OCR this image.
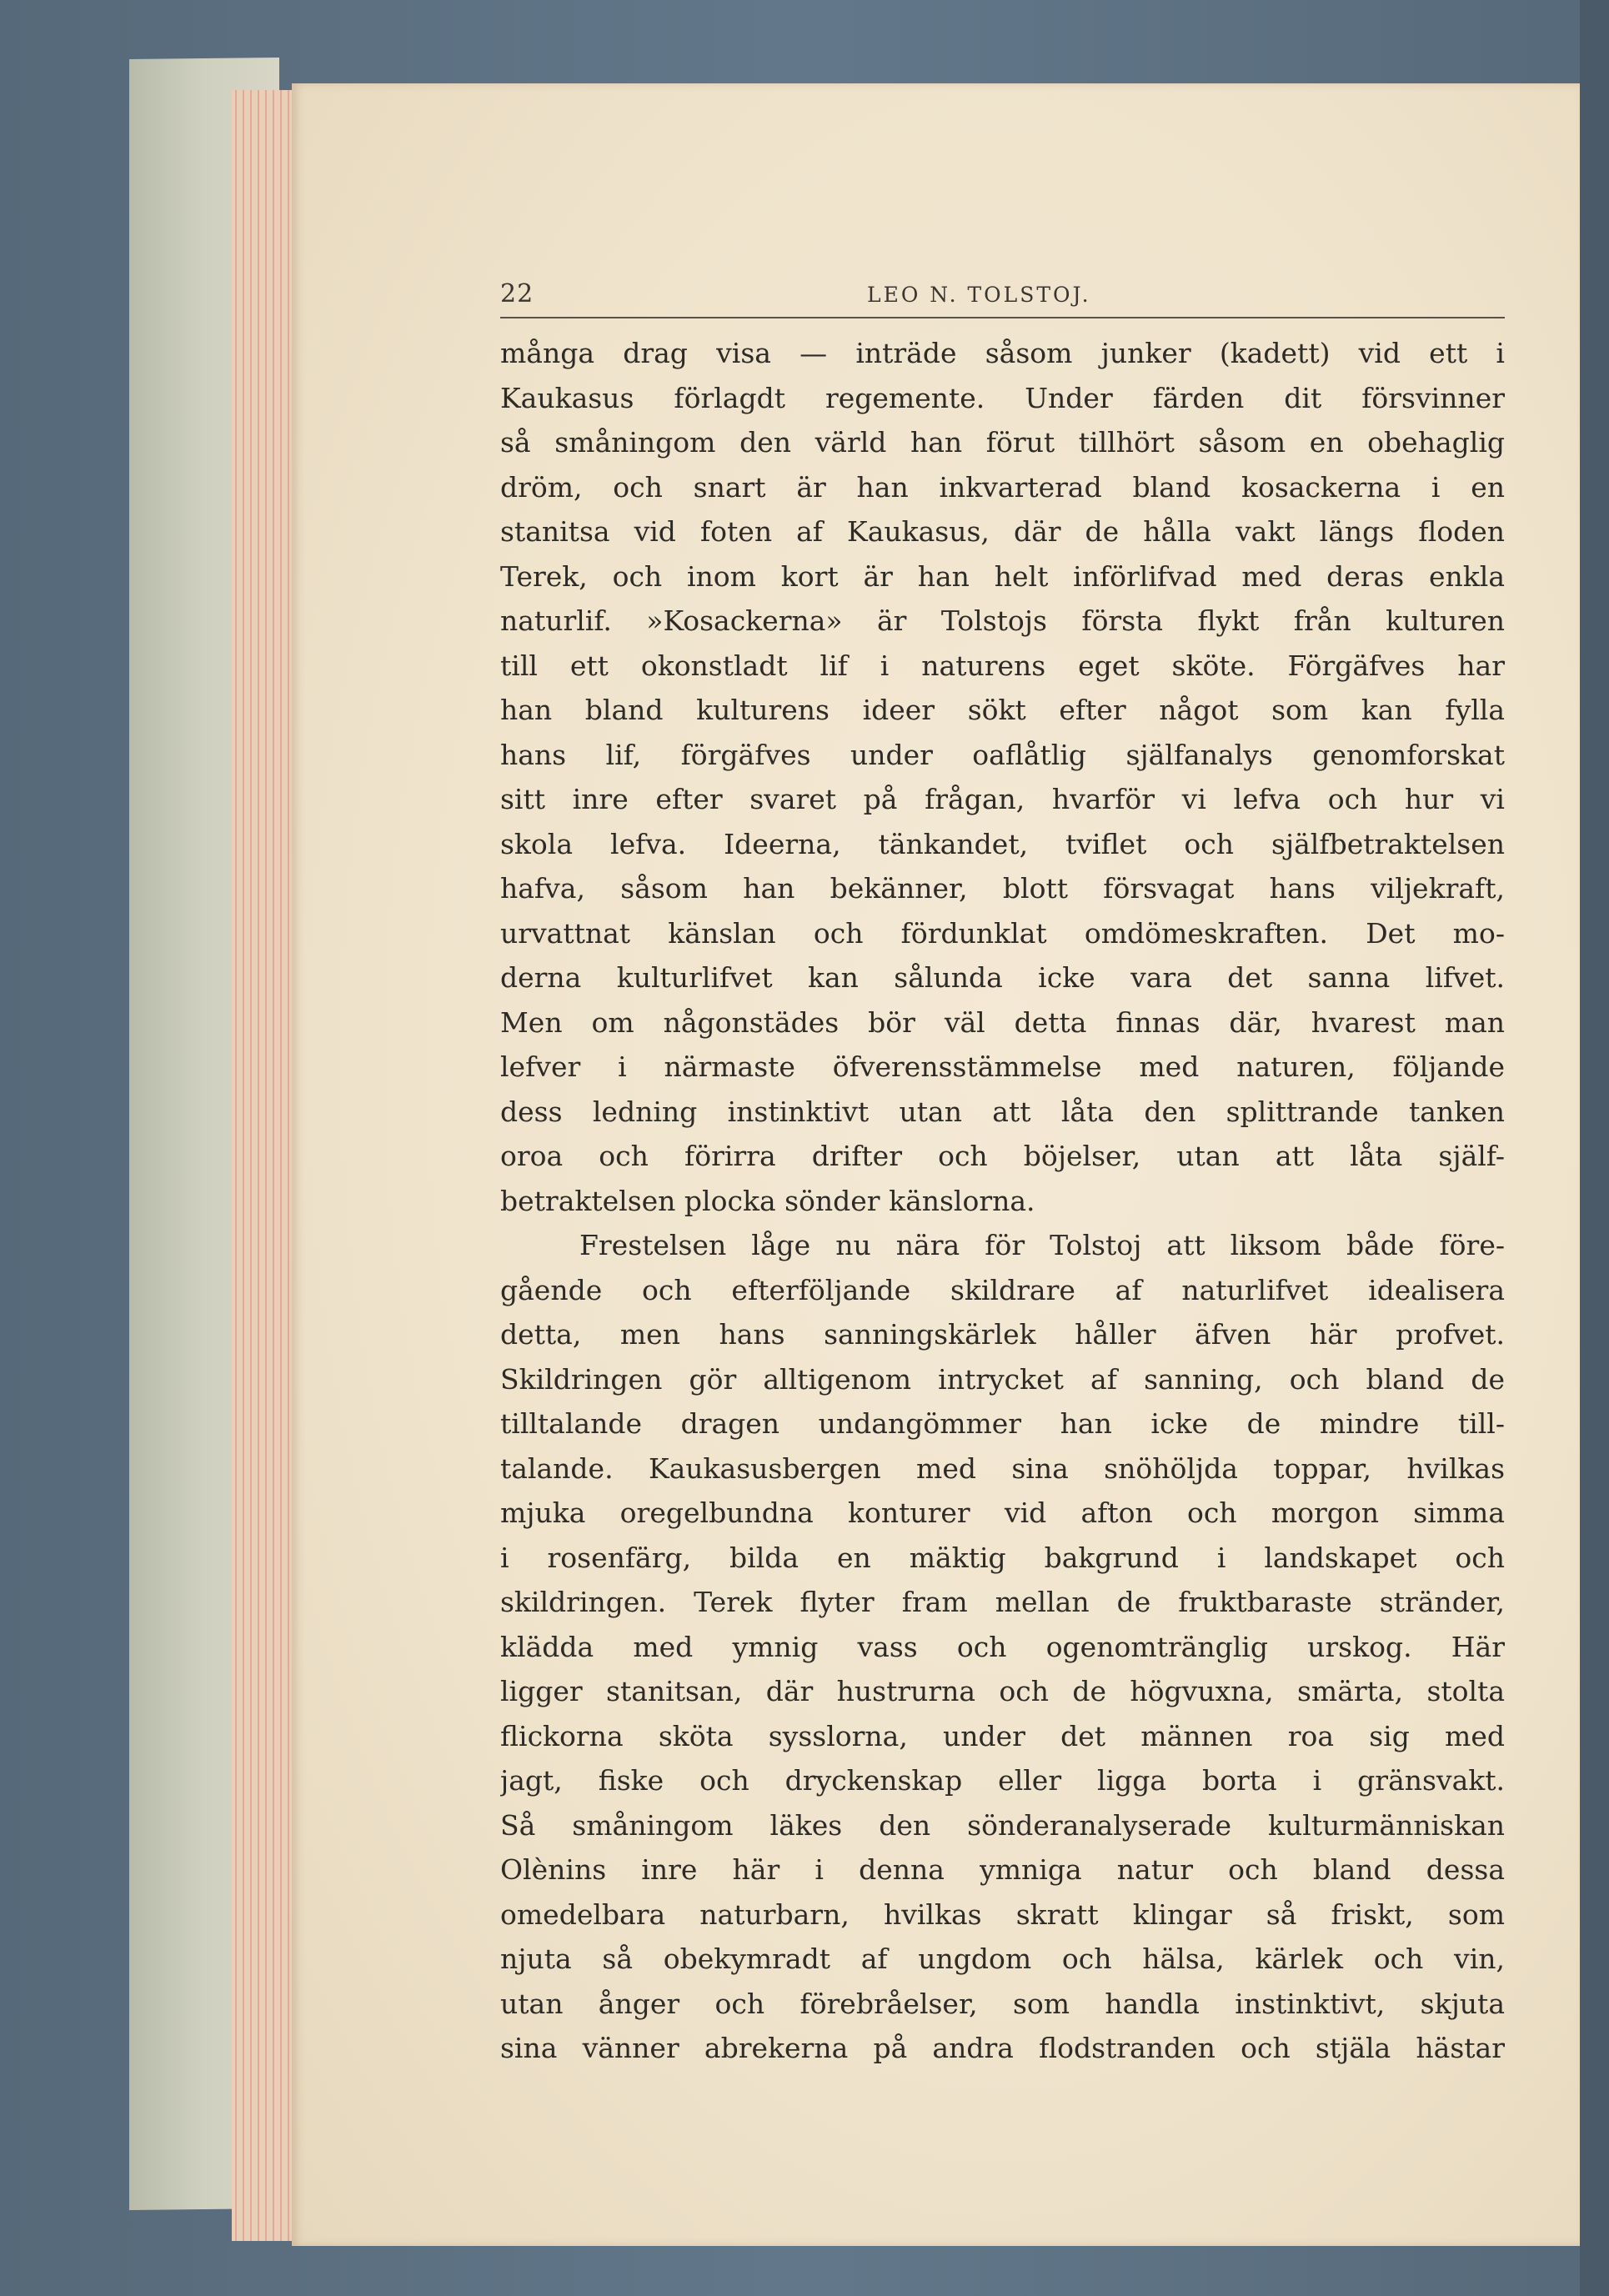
22	LEO N. TOLSTOJ.
många drag visa — inträde såsom junker (kadett) vid ett i
Kaukasus förlagdt regemente. Under färden dit försvinner
så småningom den värld han förut tillhört såsom en obehaglig
dröm, och snart är han inkvarterad bland kosackerna i en
stanitsa vid foten af Kaukasus, där de hålla vakt längs floden
Terek, och inom kort är han helt införlifvad med deras enkla
naturlif. »Kosackerna» är Tolstojs första flykt från kulturen
till ett okonstladt lif i naturens eget sköte. Förgäfves har
han bland kulturens ideer sökt efter något som kan fylla
hans lif, förgäfves under oaflåtlig själfanalys genomforskat
sitt inre efter svaret på frågan, hvarför vi lefva och hur vi
skola lefva. Ideerna, tänkandet, tviflet och själfbetraktelsen
hafva, såsom han bekänner, blott försvagat hans viljekraft,
urvattnat känslan och fördunklat omdömeskraften. Det mo-
derna kulturlifvet kan sålunda icke vara det sanna lifvet.
Men om någonstädes bör väl detta finnas där, hvarest man
lefver i närmaste öfverensstämmelse med naturen, följande
dess ledning instinktivt utan att låta den splittrande tanken
oroa och förirra drifter och böjelser, utan att låta själf-
betraktelsen plocka sönder känslorna.
Frestelsen låge nu nära för Tolstoj att liksom både före-
gående och efterföljande skildrare af naturlifvet idealisera
detta, men hans sanningskärlek håller äfven här profvet.
Skildringen gör alltigenom intrycket af sanning, och bland de
tilltalande dragen undangömmer han icke de mindre till-
talande. Kaukasusbergen med sina snöhöljda toppar, hvilkas
mjuka oregelbundna konturer vid afton och morgon simma
i rosenfärg, bilda en mäktig bakgrund i landskapet och
skildringen. Terek flyter fram mellan de fruktbaraste stränder,
klädda med ymnig vass och ogenomtränglig urskog. Här
ligger stanitsan, där hustrurna och de högvuxna, smärta, stolta
flickorna sköta sysslorna, under det männen roa sig med
jagt, fiske och dryckenskap eller ligga borta i gränsvakt.
Så småningom läkes den sönderanalyserade kulturmänniskan
Olènins inre här i denna ymniga natur och bland dessa
omedelbara naturbarn, hvilkas skratt klingar så friskt, som
njuta så obekymradt af ungdom och hälsa, kärlek och vin,
utan ånger och förebråelser, som handla instinktivt, skjuta
sina vänner abrekerna på andra flodstranden och stjäla hästar
